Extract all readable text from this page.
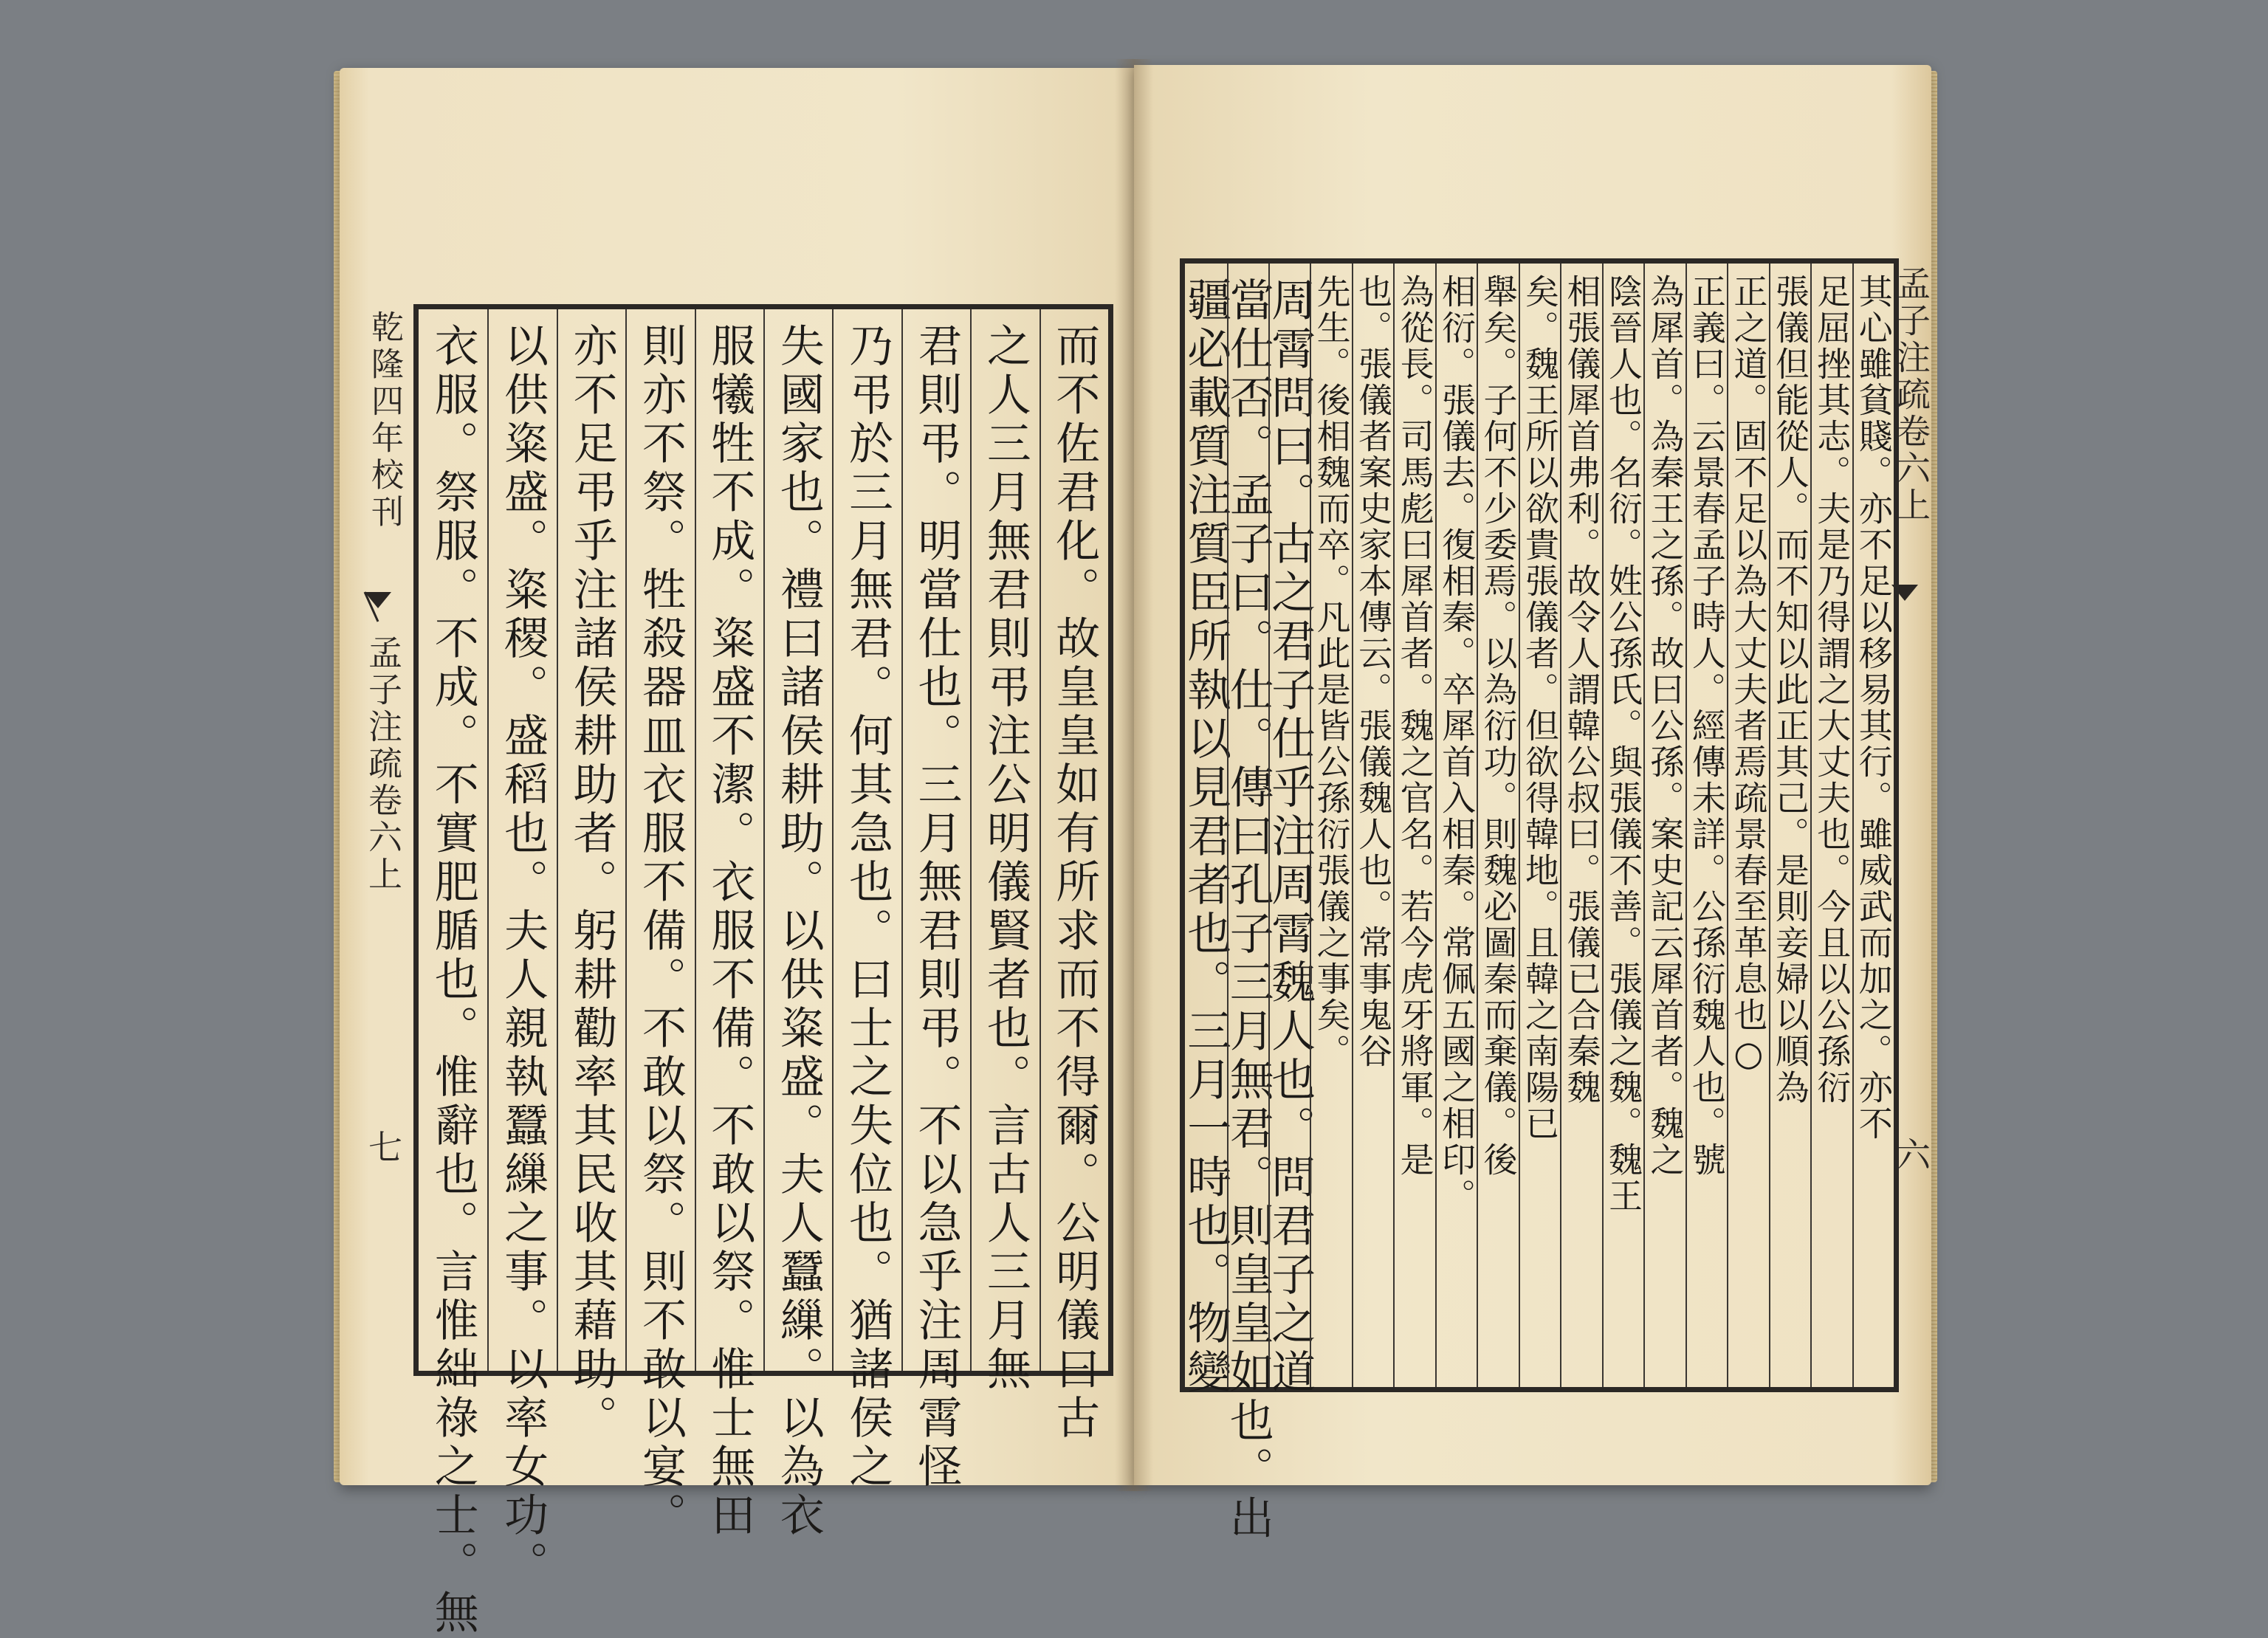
乾隆四年校刊
孟子注疏卷六上
七
孟子注疏卷六上
六
而不佐君化。故皇皇如有所求而不得爾。公明儀曰古
之人三月無君則弔注公明儀賢者也。言古人三月無
君則弔。明當仕也。三月無君則弔。不以急乎注周霄怪
乃弔於三月無君。何其急也。曰士之失位也。猶諸侯之
失國家也。禮曰諸侯耕助。以供粢盛。夫人蠶繅。以為衣
服犧牲不成。粢盛不潔。衣服不備。不敢以祭。惟士無田
則亦不祭。牲殺器皿衣服不備。不敢以祭。則不敢以宴。
亦不足弔乎注諸侯耕助者。躬耕勸率其民收其藉助。
以供粢盛。粢稷。盛稻也。夫人親執蠶繅之事。以率女功。
衣服。祭服。不成。不實肥腯也。惟辭也。言惟絀祿之士。無	其心雖貧賤。亦不足以移易其行。雖威武而加之。亦不
足屈挫其志。夫是乃得謂之大丈夫也。今且以公孫衍
張儀但能從人。而不知以此正其己。是則妾婦以順為
正之道。固不足以為大丈夫者焉疏景春至革息也○
正義曰。云景春孟子時人。經傳未詳。公孫衍魏人也。號
為犀首。為秦王之孫。故曰公孫。案史記云犀首者。魏之
陰晉人也。名衍。姓公孫氏。與張儀不善。張儀之魏。魏王
相張儀犀首弗利。故令人謂韓公叔曰。張儀已合秦魏
矣。魏王所以欲貴張儀者。但欲得韓地。且韓之南陽已
舉矣。子何不少委焉。以為衍功。則魏必圖秦而棄儀。後
相衍。張儀去。復相秦。卒犀首入相秦。常佩五國之相印。
為從長。司馬彪曰犀首者。魏之官名。若今虎牙將軍。是
也。張儀者案史家本傳云。張儀魏人也。常事鬼谷
先生。後相魏而卒。凡此是皆公孫衍張儀之事矣。
周霄問曰。古之君子仕乎注周霄魏人也。問君子之道
當仕否。孟子曰。仕。傳曰孔子三月無君。則皇皇如也。出
疆必載質注質臣所執以見君者也。三月一時也。物變
